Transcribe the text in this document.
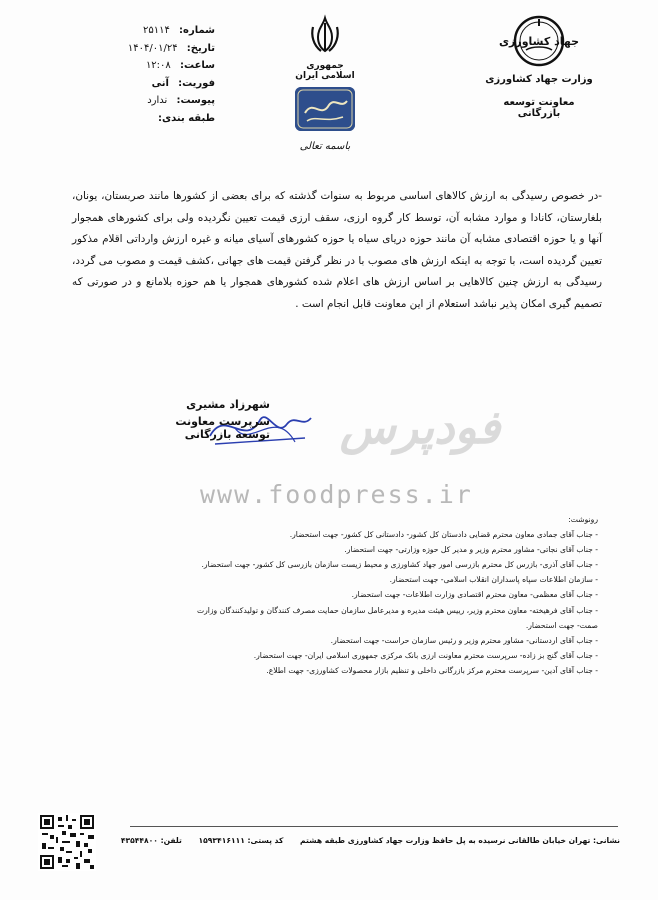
شماره: ۲۵۱۱۴
تاریخ: ۱۴۰۴/۰۱/۲۴
ساعت: ۱۲:۰۸
فوریت: آنی
پیوست: ندارد
طبقه بندی:
جمهوری اسلامی ایران
باسمه تعالی
جهاد کشاورزی
وزارت جهاد کشاورزی
معاونت توسعه بازرگانی
-در خصوص رسیدگی به ارزش کالاهای اساسی مربوط به سنوات گذشته که برای بعضی از کشورها مانند صربستان، یونان، بلغارستان، کانادا و موارد مشابه آن، توسط کار گروه ارزی، سقف ارزی قیمت تعیین نگردیده ولی برای کشورهای همجوار آنها و یا حوزه اقتصادی مشابه آن مانند حوزه دریای سیاه یا حوزه کشورهای آسیای میانه و غیره ارزش وارداتی اقلام مذکور تعیین گردیده است، با توجه به اینکه ارزش های مصوب با در نظر گرفتن قیمت های جهانی ،کشف قیمت و مصوب می گردد، رسیدگی به ارزش چنین کالاهایی بر اساس ارزش های اعلام شده کشورهای همجوار یا هم حوزه بلامانع و در صورتی که تصمیم گیری امکان پذیر نباشد استعلام از این معاونت قابل انجام است .
شهرزاد مشیری
سرپرست معاونت توسعه بازرگانی	فودپرس
www.foodpress.ir
رونوشت:
- جناب آقای جمادی معاون محترم قضایی دادستان کل کشور- دادستانی کل کشور- جهت استحضار.
- جناب آقای نجاتی- مشاور محترم وزیر و مدیر کل حوزه وزارتی- جهت استحضار.
- جناب آقای آذری- بازرس کل محترم بازرسی امور جهاد کشاورزی و محیط زیست سازمان بازرسی کل کشور- جهت استحضار.
- سازمان اطلاعات سپاه پاسداران انقلاب اسلامی- جهت استحضار.
- جناب آقای معظمی- معاون محترم اقتصادی وزارت اطلاعات- جهت استحضار.
- جناب آقای فرهیخته- معاون محترم وزیر، رییس هیئت مدیره و مدیرعامل سازمان حمایت مصرف کنندگان و تولیدکنندگان وزارت صمت- جهت استحضار.
- جناب آقای اردستانی- مشاور محترم وزیر و رئیس سازمان حراست- جهت استحضار.
- جناب آقای گنج بز زاده- سرپرست محترم معاونت ارزی بانک مرکزی جمهوری اسلامی ایران- جهت استحضار.
- جناب آقای آدین- سرپرست محترم مرکز بازرگانی داخلی و تنظیم بازار محصولات کشاورزی- جهت اطلاع.
نشانی: تهران خیابان طالقانی نرسیده به پل حافظ وزارت جهاد کشاورزی طبقه هشتم کد پستی: ۱۵۹۳۴۱۶۱۱۱ تلفن: ۴۳۵۴۴۸۰۰
